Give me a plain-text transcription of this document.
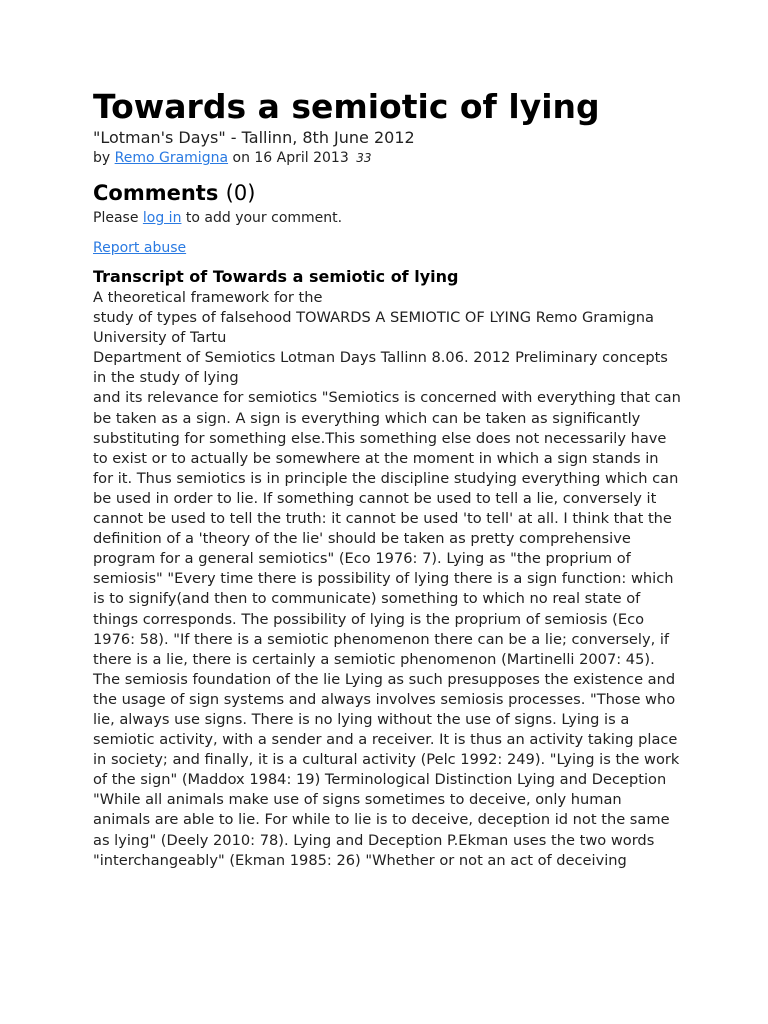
Towards a semiotic of lying
"Lotman's Days" - Tallinn, 8th June 2012
by Remo Gramigna on 16 April 2013 33
Comments (0)
Please log in to add your comment.
Report abuse
Transcript of Towards a semiotic of lying
A theoretical framework for the
study of types of falsehood TOWARDS A SEMIOTIC OF LYING Remo Gramigna
University of Tartu
Department of Semiotics Lotman Days Tallinn 8.06. 2012 Preliminary concepts in the study of lying
and its relevance for semiotics "Semiotics is concerned with everything that can be taken as a sign. A sign is everything which can be taken as significantly substituting for something else.This something else does not necessarily have to exist or to actually be somewhere at the moment in which a sign stands in for it. Thus semiotics is in principle the discipline studying everything which can be used in order to lie. If something cannot be used to tell a lie, conversely it cannot be used to tell the truth: it cannot be used 'to tell' at all. I think that the definition of a 'theory of the lie' should be taken as pretty comprehensive program for a general semiotics" (Eco 1976: 7). Lying as "the proprium of semiosis" "Every time there is possibility of lying there is a sign function: which is to signify(and then to communicate) something to which no real state of things corresponds. The possibility of lying is the proprium of semiosis (Eco 1976: 58). "If there is a semiotic phenomenon there can be a lie; conversely, if there is a lie, there is certainly a semiotic phenomenon (Martinelli 2007: 45). The semiosis foundation of the lie Lying as such presupposes the existence and the usage of sign systems and always involves semiosis processes. "Those who lie, always use signs. There is no lying without the use of signs. Lying is a semiotic activity, with a sender and a receiver. It is thus an activity taking place in society; and finally, it is a cultural activity (Pelc 1992: 249). "Lying is the work of the sign" (Maddox 1984: 19) Terminological Distinction Lying and Deception "While all animals make use of signs sometimes to deceive, only human animals are able to lie. For while to lie is to deceive, deception id not the same as lying" (Deely 2010: 78). Lying and Deception P.Ekman uses the two words "interchangeably" (Ekman 1985: 26) "Whether or not an act of deceiving
